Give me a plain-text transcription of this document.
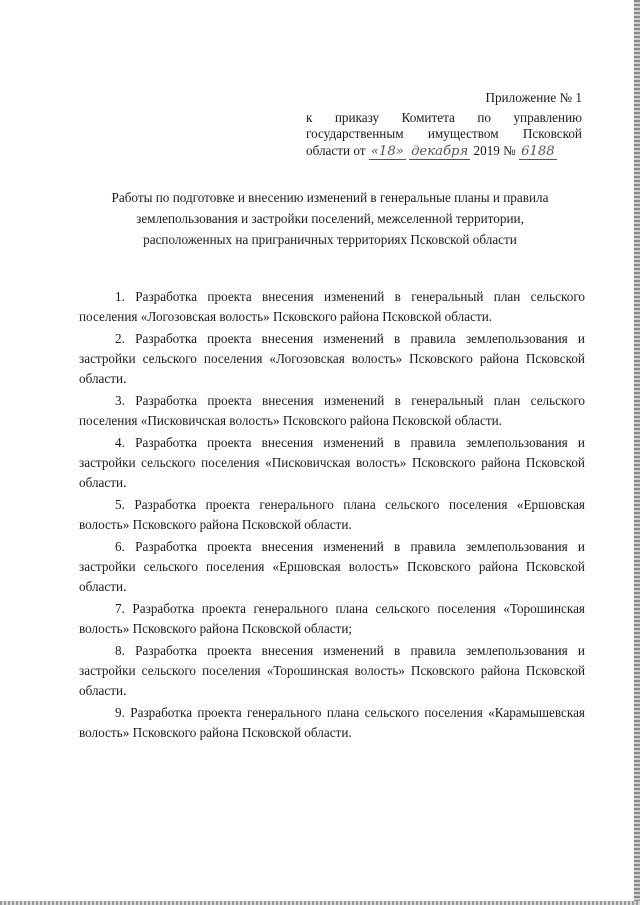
Приложение № 1
к приказу Комитета по управлению
государственным имуществом Псковской
области от «18» декабря 2019 № 6188
Работы по подготовке и внесению изменений в генеральные планы и правила
землепользования и застройки поселений, межселенной территории,
расположенных на приграничных территориях Псковской области

1. Разработка проекта внесения изменений в генеральный план сельского поселения «Логозовская волость» Псковского района Псковской области.

2. Разработка проекта внесения изменений в правила землепользования и застройки сельского поселения «Логозовская волость» Псковского района Псковской области.

3. Разработка проекта внесения изменений в генеральный план сельского поселения «Писковичская волость» Псковского района Псковской области.

4. Разработка проекта внесения изменений в правила землепользования и застройки сельского поселения «Писковичская волость» Псковского района Псковской области.

5. Разработка проекта генерального плана сельского поселения «Ершовская волость» Псковского района Псковской области.

6. Разработка проекта внесения изменений в правила землепользования и застройки сельского поселения «Ершовская волость» Псковского района Псковской области.

7. Разработка проекта генерального плана сельского поселения «Торошинская волость» Псковского района Псковской области;

8. Разработка проекта внесения изменений в правила землепользования и застройки сельского поселения «Торошинская волость» Псковского района Псковской области.

9. Разработка проекта генерального плана сельского поселения «Карамышевская волость» Псковского района Псковской области.
